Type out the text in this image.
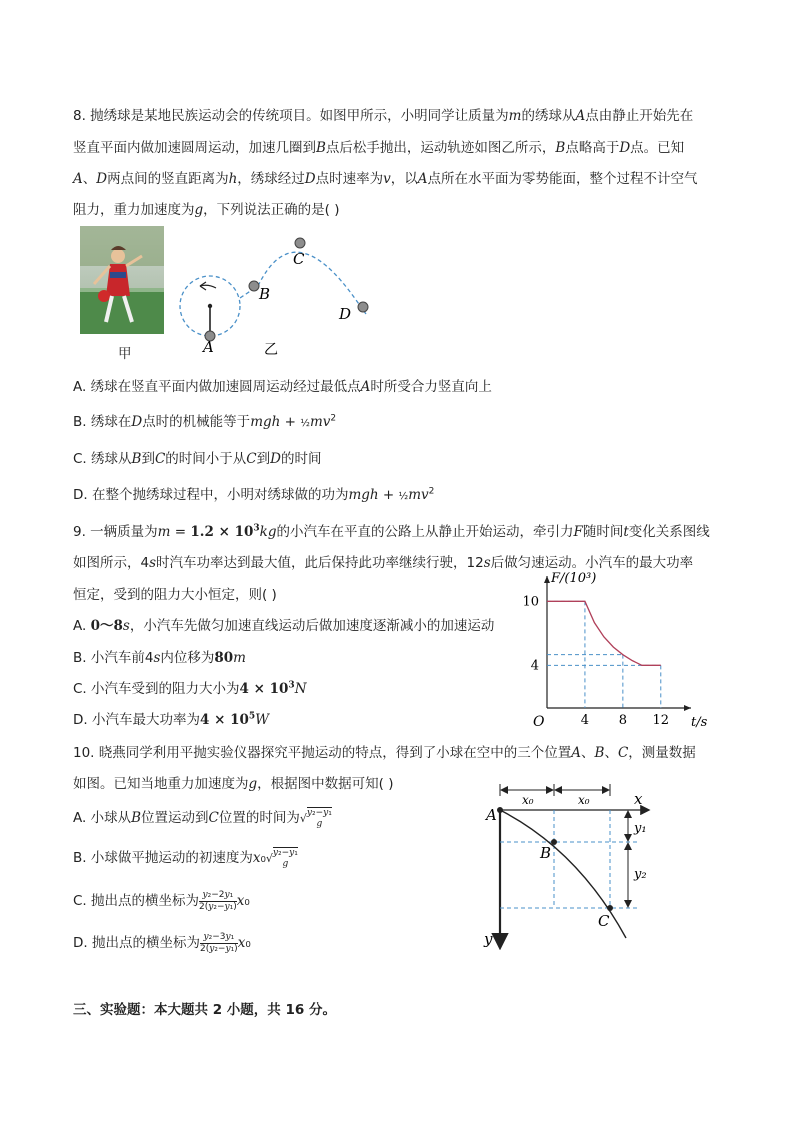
8. 抛绣球是某地民族运动会的传统项目。如图甲所示，小明同学让质量为m的绣球从A点由静止开始先在
竖直平面内做加速圆周运动，加速几圈到B点后松手抛出，运动轨迹如图乙所示，B点略高于D点。已知
A、D两点间的竖直距离为h，绣球经过D点时速率为v，以A点所在水平面为零势能面，整个过程不计空气
阻力，重力加速度为g，下列说法正确的是( )
甲	A
B
C
D
乙
A. 绣球在竖直平面内做加速圆周运动经过最低点A时所受合力竖直向上
B. 绣球在D点时的机械能等于mgh + $\frac{1}{2}mv^2$
C. 绣球从B到C的时间小于从C到D的时间
D. 在整个抛绣球过程中，小明对绣球做的功为mgh + $\frac{1}{2}mv^2$
9. 一辆质量为$m = 1.2 \times 10^3kg$的小汽车在平直的公路上从静止开始运动，牵引力F随时间t变化关系图线
如图所示，4s时汽车功率达到最大值，此后保持此功率继续行驶，12s后做匀速运动。小汽车的最大功率
恒定，受到的阻力大小恒定，则( )
A. 0～8s，小汽车先做匀加速直线运动后做加速度逐渐减小的加速运动
B. 小汽车前4s内位移为80m
C. 小汽车受到的阻力大小为$4 \times 10^3N$
D. 小汽车最大功率为$4 \times 10^5W$	4 8 12
4
10
O	t/s
F/(10³)
10. 晓燕同学利用平抛实验仪器探究平抛运动的特点，得到了小球在空中的三个位置A、B、C，测量数据
如图。已知当地重力加速度为g，根据图中数据可知( )
A. 小球从B位置运动到C位置的时间为√y₂−y₁
g
B. 小球做平抛运动的初速度为x₀√y₂−y₁
g
C. 抛出点的横坐标为 y₂−2y₁
2(y₂−y₁)x₀
D. 抛出点的横坐标为 y₂−3y₁
2(y₂−y₁)x₀
A
B
C
x
y
x₀	x₀
y₁
y₂
三、实验题：本大题共 2 小题，共 16 分。
